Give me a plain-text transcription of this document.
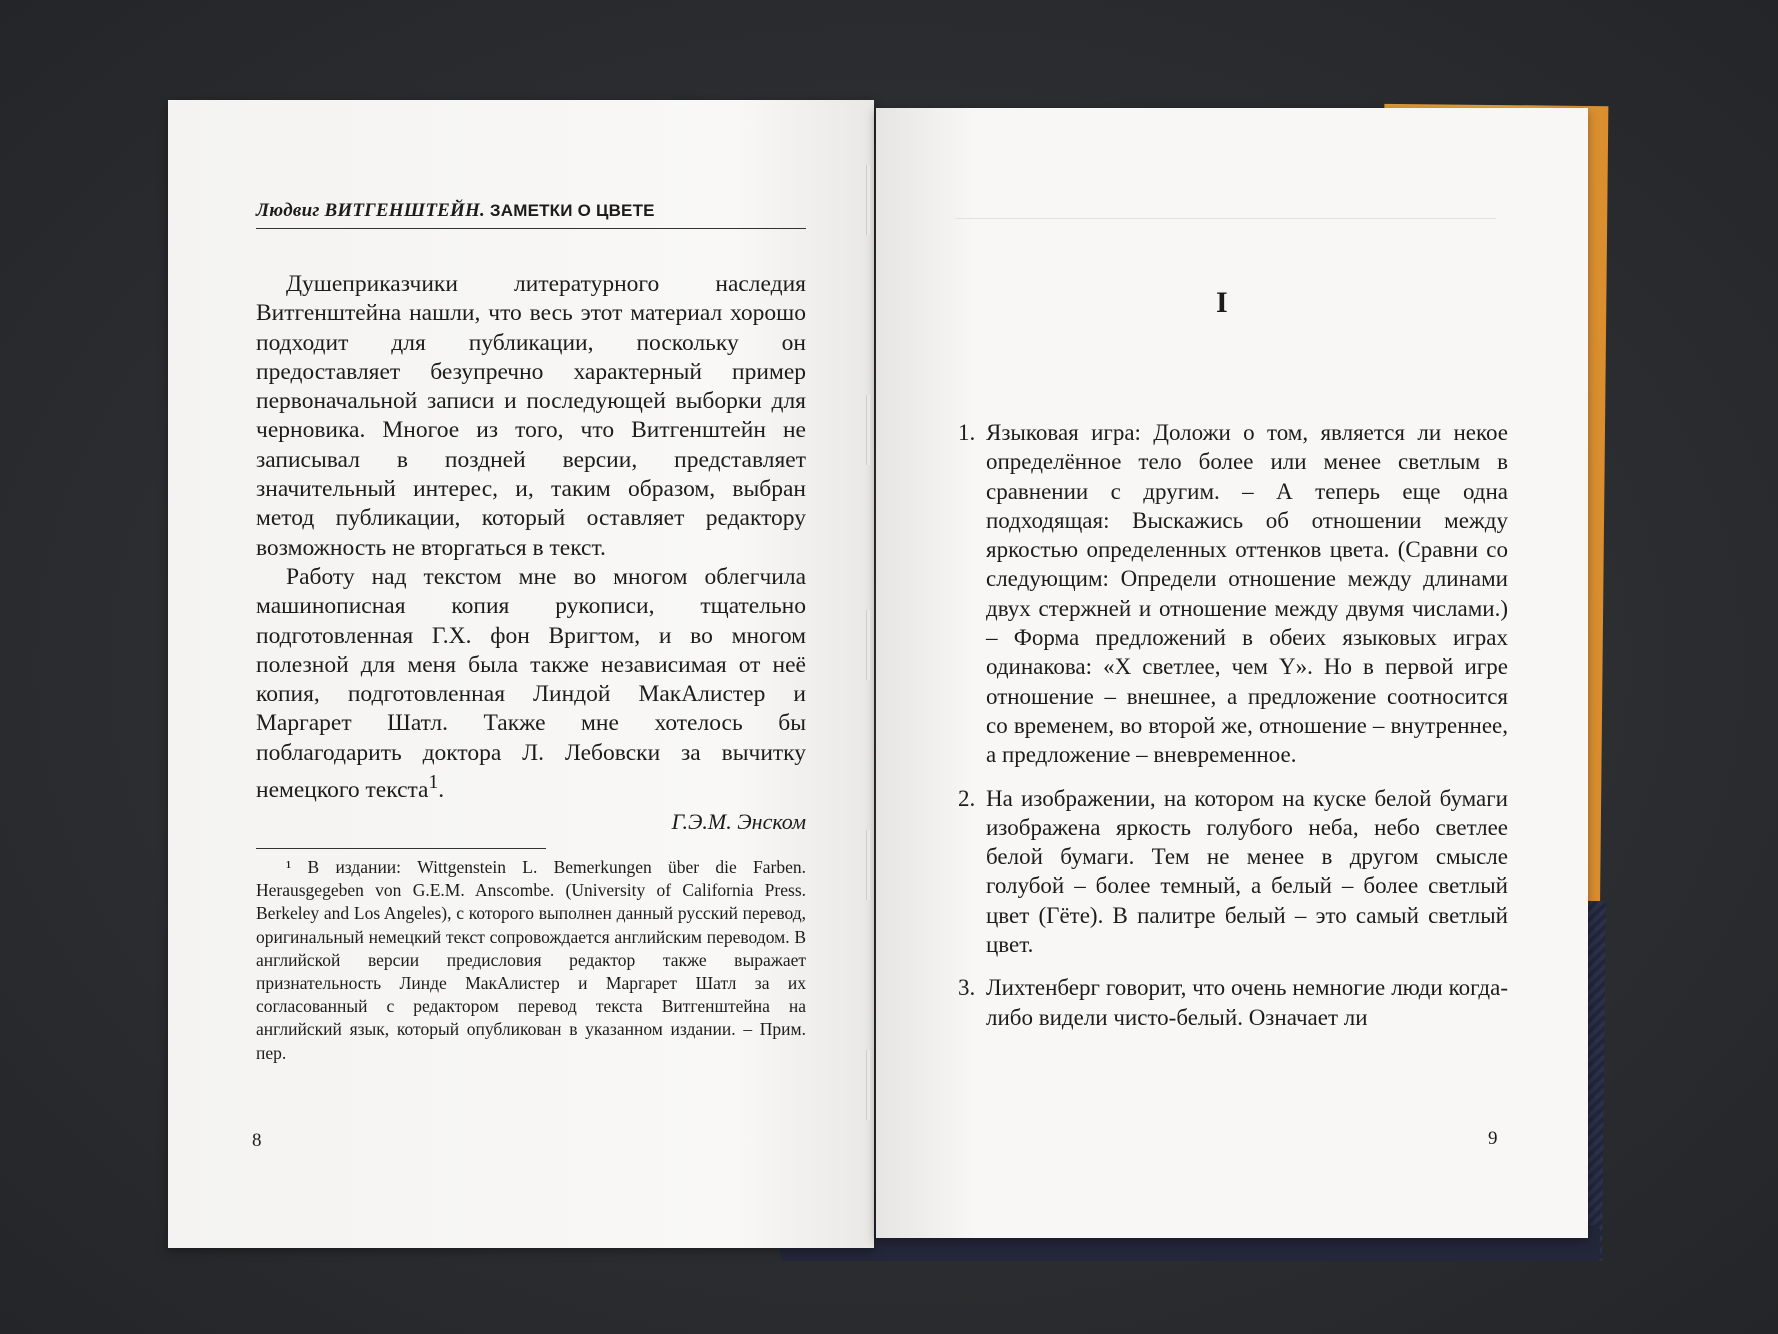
Людвиг ВИТГЕНШТЕЙН. ЗАМЕТКИ О ЦВЕТЕ

Душеприказчики литературного наследия Витгенштейна нашли, что весь этот материал хорошо подходит для публикации, поскольку он предоставляет безупречно характерный пример первоначальной записи и последующей выборки для черновика. Многое из того, что Витгенштейн не записывал в поздней версии, представляет значительный интерес, и, таким образом, выбран метод публикации, который оставляет редактору возможность не вторгаться в текст.

Работу над текстом мне во многом облегчила машинописная копия рукописи, тщательно подготовленная Г.Х. фон Вригтом, и во многом полезной для меня была также независимая от неё копия, подготовленная Линдой МакАлистер и Маргарет Шатл. Также мне хотелось бы поблагодарить доктора Л. Лебовски за вычитку немецкого текста$^1$.

Г.Э.М. Энском

¹ В издании: Wittgenstein L. Bemerkungen über die Farben. Herausgegeben von G.E.M. Anscombe. (University of California Press. Berkeley and Los Angeles), с которого выполнен данный русский перевод, оригинальный немецкий текст сопровождается английским переводом. В английской версии предисловия редактор также выражает признательность Линде МакАлистер и Маргарет Шатл за их согласованный с редактором перевод текста Витгенштейна на английский язык, который опубликован в указанном издании. – Прим. пер.

8
I
1. Языковая игра: Доложи о том, является ли некое определённое тело более или менее светлым в сравнении с другим. – А теперь еще одна подходящая: Выскажись об отношении между яркостью определенных оттенков цвета. (Сравни со следующим: Определи отношение между длинами двух стержней и отношение между двумя числами.) – Форма предложений в обеих языковых играх одинакова: «X светлее, чем Y». Но в первой игре отношение – внешнее, а предложение соотносится со временем, во второй же, отношение – внутреннее, а предложение – вневременное.
2. На изображении, на котором на куске белой бумаги изображена яркость голубого неба, небо светлее белой бумаги. Тем не менее в другом смысле голубой – более темный, а белый – более светлый цвет (Гёте). В палитре белый – это самый светлый цвет.
3. Лихтенберг говорит, что очень немногие люди когда-либо видели чисто-белый. Означает ли
9
